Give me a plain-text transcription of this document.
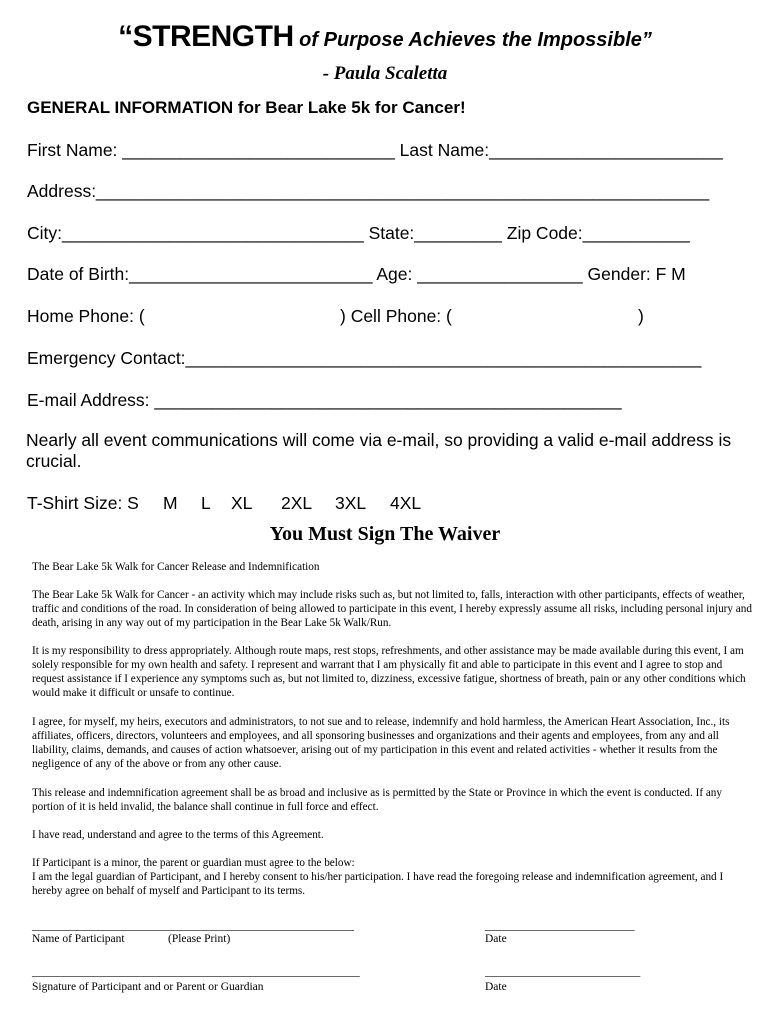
“STRENGTH of Purpose Achieves the Impossible”
- Paula Scaletta
GENERAL INFORMATION for Bear Lake 5k for Cancer!
First Name: ____________________________ Last Name:________________________
Address:_______________________________________________________________
City:_______________________________ State:_________ Zip Code:___________
Date of Birth:_________________________ Age: _________________ Gender: F M
Home Phone: (	) Cell Phone: (	)
Emergency Contact:_____________________________________________________
E-mail Address: ________________________________________________
Nearly all event communications will come via e-mail, so providing a valid e-mail address is crucial.
T-Shirt Size: S M L XL 2XL 3XL 4XL
You Must Sign The Waiver
The Bear Lake 5k Walk for Cancer Release and Indemnification
The Bear Lake 5k Walk for Cancer - an activity which may include risks such as, but not limited to, falls, interaction with other participants, effects of weather, traffic and conditions of the road. In consideration of being allowed to participate in this event, I hereby expressly assume all risks, including personal injury and death, arising in any way out of my participation in the Bear Lake 5k Walk/Run.
It is my responsibility to dress appropriately. Although route maps, rest stops, refreshments, and other assistance may be made available during this event, I am solely responsible for my own health and safety. I represent and warrant that I am physically fit and able to participate in this event and I agree to stop and request assistance if I experience any symptoms such as, but not limited to, dizziness, excessive fatigue, shortness of breath, pain or any other conditions which would make it difficult or unsafe to continue.
I agree, for myself, my heirs, executors and administrators, to not sue and to release, indemnify and hold harmless, the American Heart Association, Inc., its affiliates, officers, directors, volunteers and employees, and all sponsoring businesses and organizations and their agents and employees, from any and all liability, claims, demands, and causes of action whatsoever, arising out of my participation in this event and related activities - whether it results from the negligence of any of the above or from any other cause.
This release and indemnification agreement shall be as broad and inclusive as is permitted by the State or Province in which the event is conducted. If any portion of it is held invalid, the balance shall continue in full force and effect.
I have read, understand and agree to the terms of this Agreement.
If Participant is a minor, the parent or guardian must agree to the below:
I am the legal guardian of Participant, and I hereby consent to his/her participation. I have read the foregoing release and indemnification agreement, and I hereby agree on behalf of myself and Participant to its terms.
________________________________________________________	__________________________
Name of Participant	(Please Print)	Date
_________________________________________________________	___________________________
Signature of Participant and or Parent or Guardian	Date
